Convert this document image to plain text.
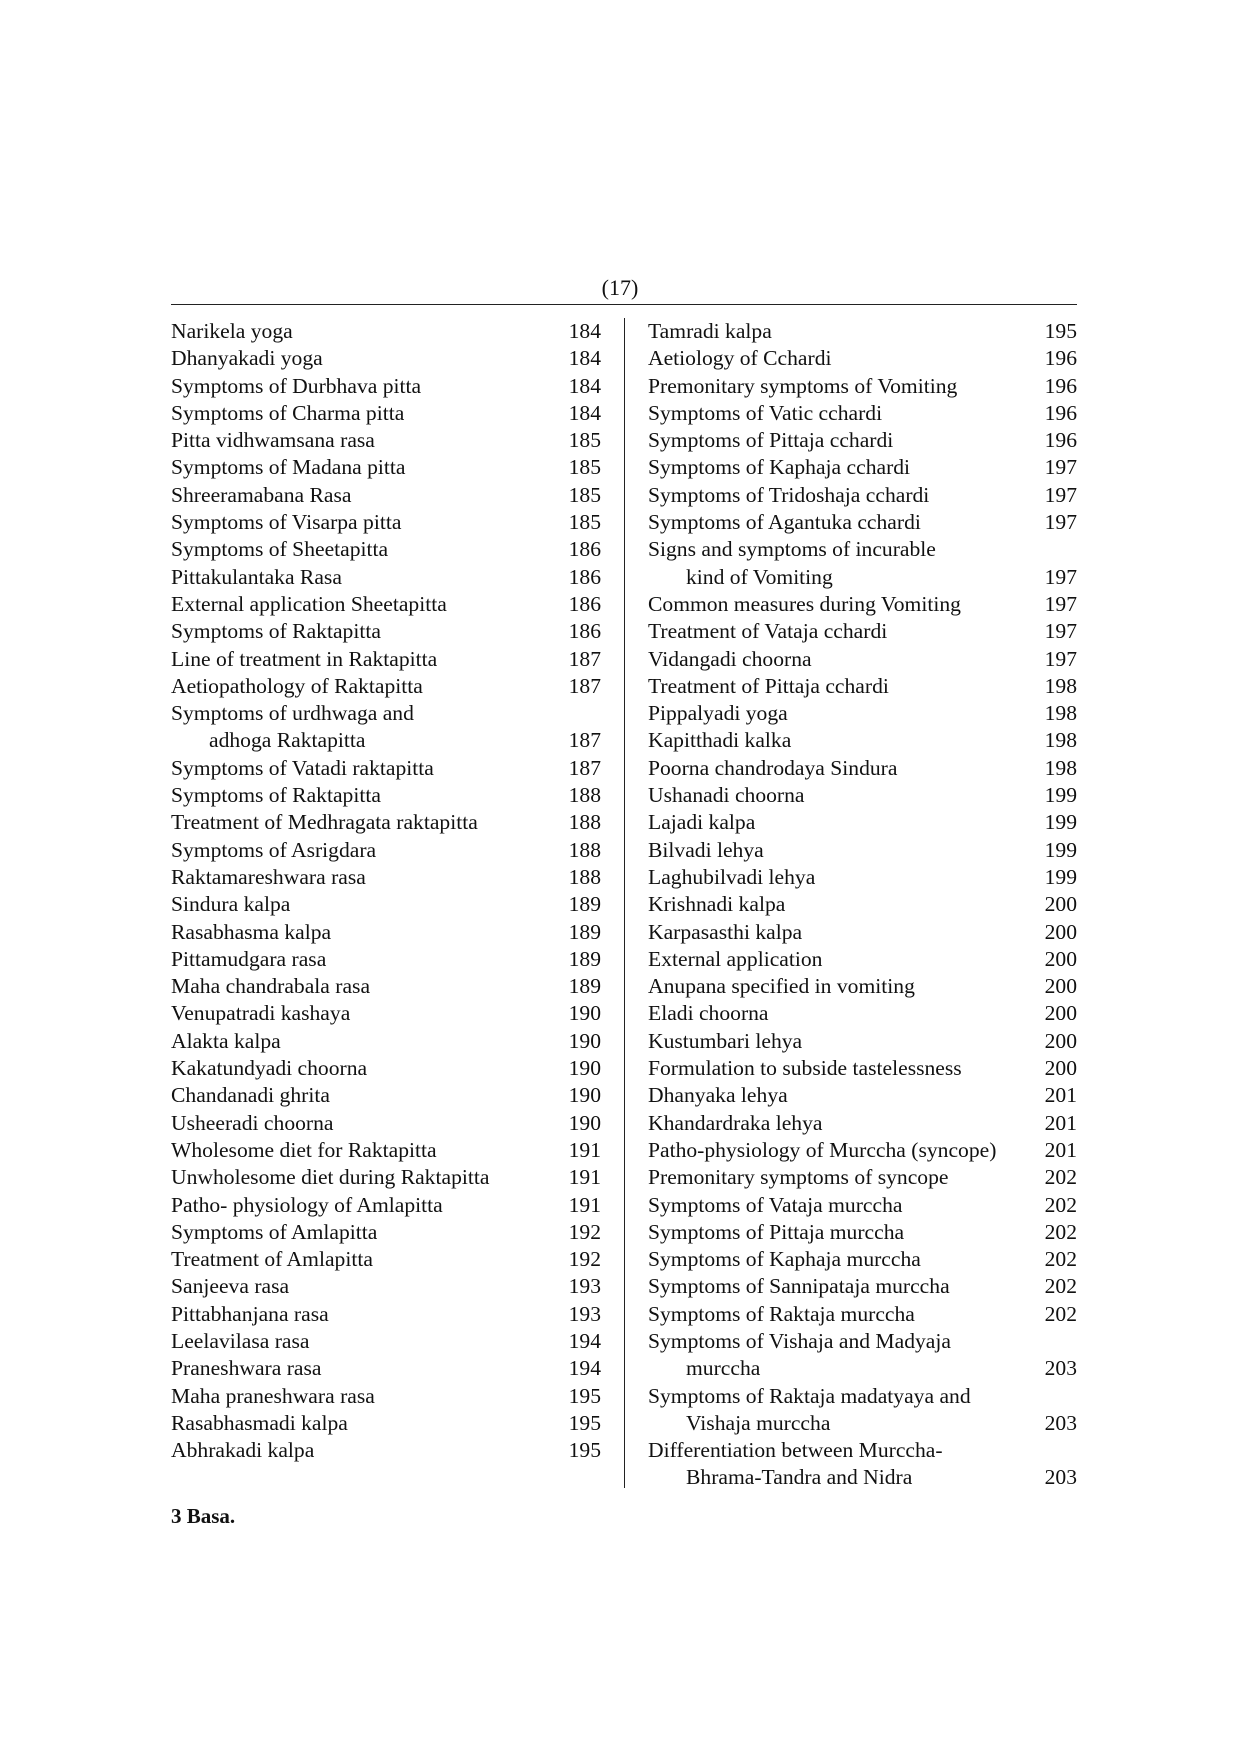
(17)
Narikela yoga	184
Dhanyakadi yoga	184
Symptoms of Durbhava pitta	184
Symptoms of Charma pitta	184
Pitta vidhwamsana rasa	185
Symptoms of Madana pitta	185
Shreeramabana Rasa	185
Symptoms of Visarpa pitta	185
Symptoms of Sheetapitta	186
Pittakulantaka Rasa	186
External application Sheetapitta	186
Symptoms of Raktapitta	186
Line of treatment in Raktapitta	187
Aetiopathology of Raktapitta	187
Symptoms of urdhwaga and
adhoga Raktapitta	187
Symptoms of Vatadi raktapitta	187
Symptoms of Raktapitta	188
Treatment of Medhragata raktapitta	188
Symptoms of Asrigdara	188
Raktamareshwara rasa	188
Sindura kalpa	189
Rasabhasma kalpa	189
Pittamudgara rasa	189
Maha chandrabala rasa	189
Venupatradi kashaya	190
Alakta kalpa	190
Kakatundyadi choorna	190
Chandanadi ghrita	190
Usheeradi choorna	190
Wholesome diet for Raktapitta	191
Unwholesome diet during Raktapitta	191
Patho- physiology of Amlapitta	191
Symptoms of Amlapitta	192
Treatment of Amlapitta	192
Sanjeeva rasa	193
Pittabhanjana rasa	193
Leelavilasa rasa	194
Praneshwara rasa	194
Maha praneshwara rasa	195
Rasabhasmadi kalpa	195
Abhrakadi kalpa	195
Tamradi kalpa	195
Aetiology of Cchardi	196
Premonitary symptoms of Vomiting	196
Symptoms of Vatic cchardi	196
Symptoms of Pittaja cchardi	196
Symptoms of Kaphaja cchardi	197
Symptoms of Tridoshaja cchardi	197
Symptoms of Agantuka cchardi	197
Signs and symptoms of incurable
kind of Vomiting	197
Common measures during Vomiting	197
Treatment of Vataja cchardi	197
Vidangadi choorna	197
Treatment of Pittaja cchardi	198
Pippalyadi yoga	198
Kapitthadi kalka	198
Poorna chandrodaya Sindura	198
Ushanadi choorna	199
Lajadi kalpa	199
Bilvadi lehya	199
Laghubilvadi lehya	199
Krishnadi kalpa	200
Karpasasthi kalpa	200
External application	200
Anupana specified in vomiting	200
Eladi choorna	200
Kustumbari lehya	200
Formulation to subside tastelessness	200
Dhanyaka lehya	201
Khandardraka lehya	201
Patho-physiology of Murccha (syncope)	201
Premonitary symptoms of syncope	202
Symptoms of Vataja murccha	202
Symptoms of Pittaja murccha	202
Symptoms of Kaphaja murccha	202
Symptoms of Sannipataja murccha	202
Symptoms of Raktaja murccha	202
Symptoms of Vishaja and Madyaja
murccha	203
Symptoms of Raktaja madatyaya and
Vishaja murccha	203
Differentiation between Murccha-
Bhrama-Tandra and Nidra	203
3 Basa.
